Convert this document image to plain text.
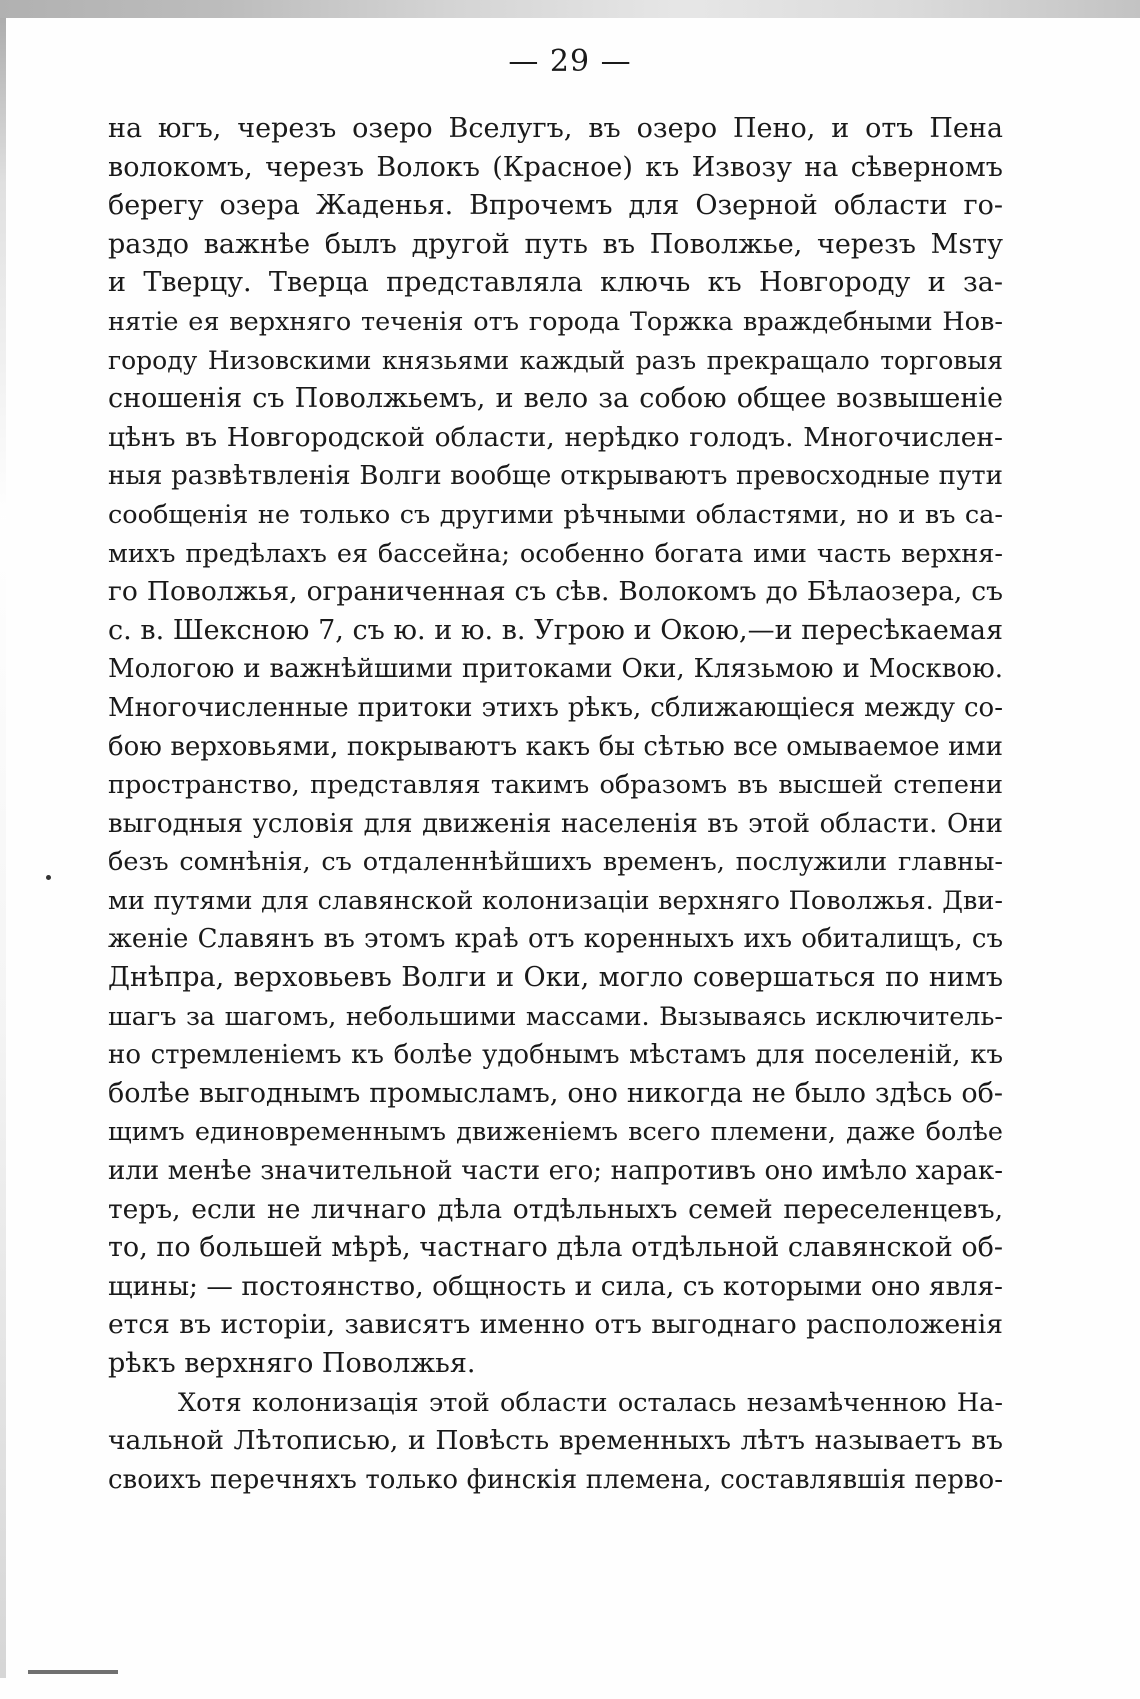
— 29 —
на югъ, черезъ озеро Вселугъ, въ озеро Пено, и отъ Пена
волокомъ, черезъ Волокъ (Красное) къ Извозу на сѣверномъ
берегу озера Жаденья. Впрочемъ для Озерной области го-
раздо важнѣе былъ другой путь въ Поволжье, черезъ Msту
и Тверцу. Тверца представляла ключь къ Новгороду и за-
нятіе ея верхняго теченія отъ города Торжка враждебными Нов-
городу Низовскими князьями каждый разъ прекращало торговыя
сношенія съ Поволжьемъ, и вело за собою общее возвышеніе
цѣнъ въ Новгородской области, нерѣдко голодъ. Многочислен-
ныя развѣтвленія Волги вообще открываютъ превосходные пути
сообщенія не только съ другими рѣчными областями, но и въ са-
михъ предѣлахъ ея бассейна; особенно богата ими часть верхня-
го Поволжья, ограниченная съ сѣв. Волокомъ до Бѣлаозера, съ
с. в. Шексною 7, съ ю. и ю. в. Угрою и Окою,—и пересѣкаемая
Мологою и важнѣйшими притоками Оки, Клязьмою и Москвою.
Многочисленные притоки этихъ рѣкъ, сближающіеся между со-
бою верховьями, покрываютъ какъ бы сѣтью все омываемое ими
пространство, представляя такимъ образомъ въ высшей степени
выгодныя условія для движенія населенія въ этой области. Они
безъ сомнѣнія, съ отдаленнѣйшихъ временъ, послужили главны-
ми путями для славянской колонизаціи верхняго Поволжья. Дви-
женіе Славянъ въ этомъ краѣ отъ коренныхъ ихъ обиталищъ, съ
Днѣпра, верховьевъ Волги и Оки, могло совершаться по нимъ
шагъ за шагомъ, небольшими массами. Вызываясь исключитель-
но стремленіемъ къ болѣе удобнымъ мѣстамъ для поселеній, къ
болѣе выгоднымъ промысламъ, оно никогда не было здѣсь об-
щимъ единовременнымъ движеніемъ всего племени, даже болѣе
или менѣе значительной части его; напротивъ оно имѣло харак-
теръ, если не личнаго дѣла отдѣльныхъ семей переселенцевъ,
то, по большей мѣрѣ, частнаго дѣла отдѣльной славянской об-
щины; — постоянство, общность и сила, съ которыми оно явля-
ется въ исторіи, зависятъ именно отъ выгоднаго расположенія
рѣкъ верхняго Поволжья.
Хотя колонизація этой области осталась незамѣченною На-
чальной Лѣтописью, и Повѣсть временныхъ лѣтъ называетъ въ
своихъ перечняхъ только финскія племена, составлявшія перво-
